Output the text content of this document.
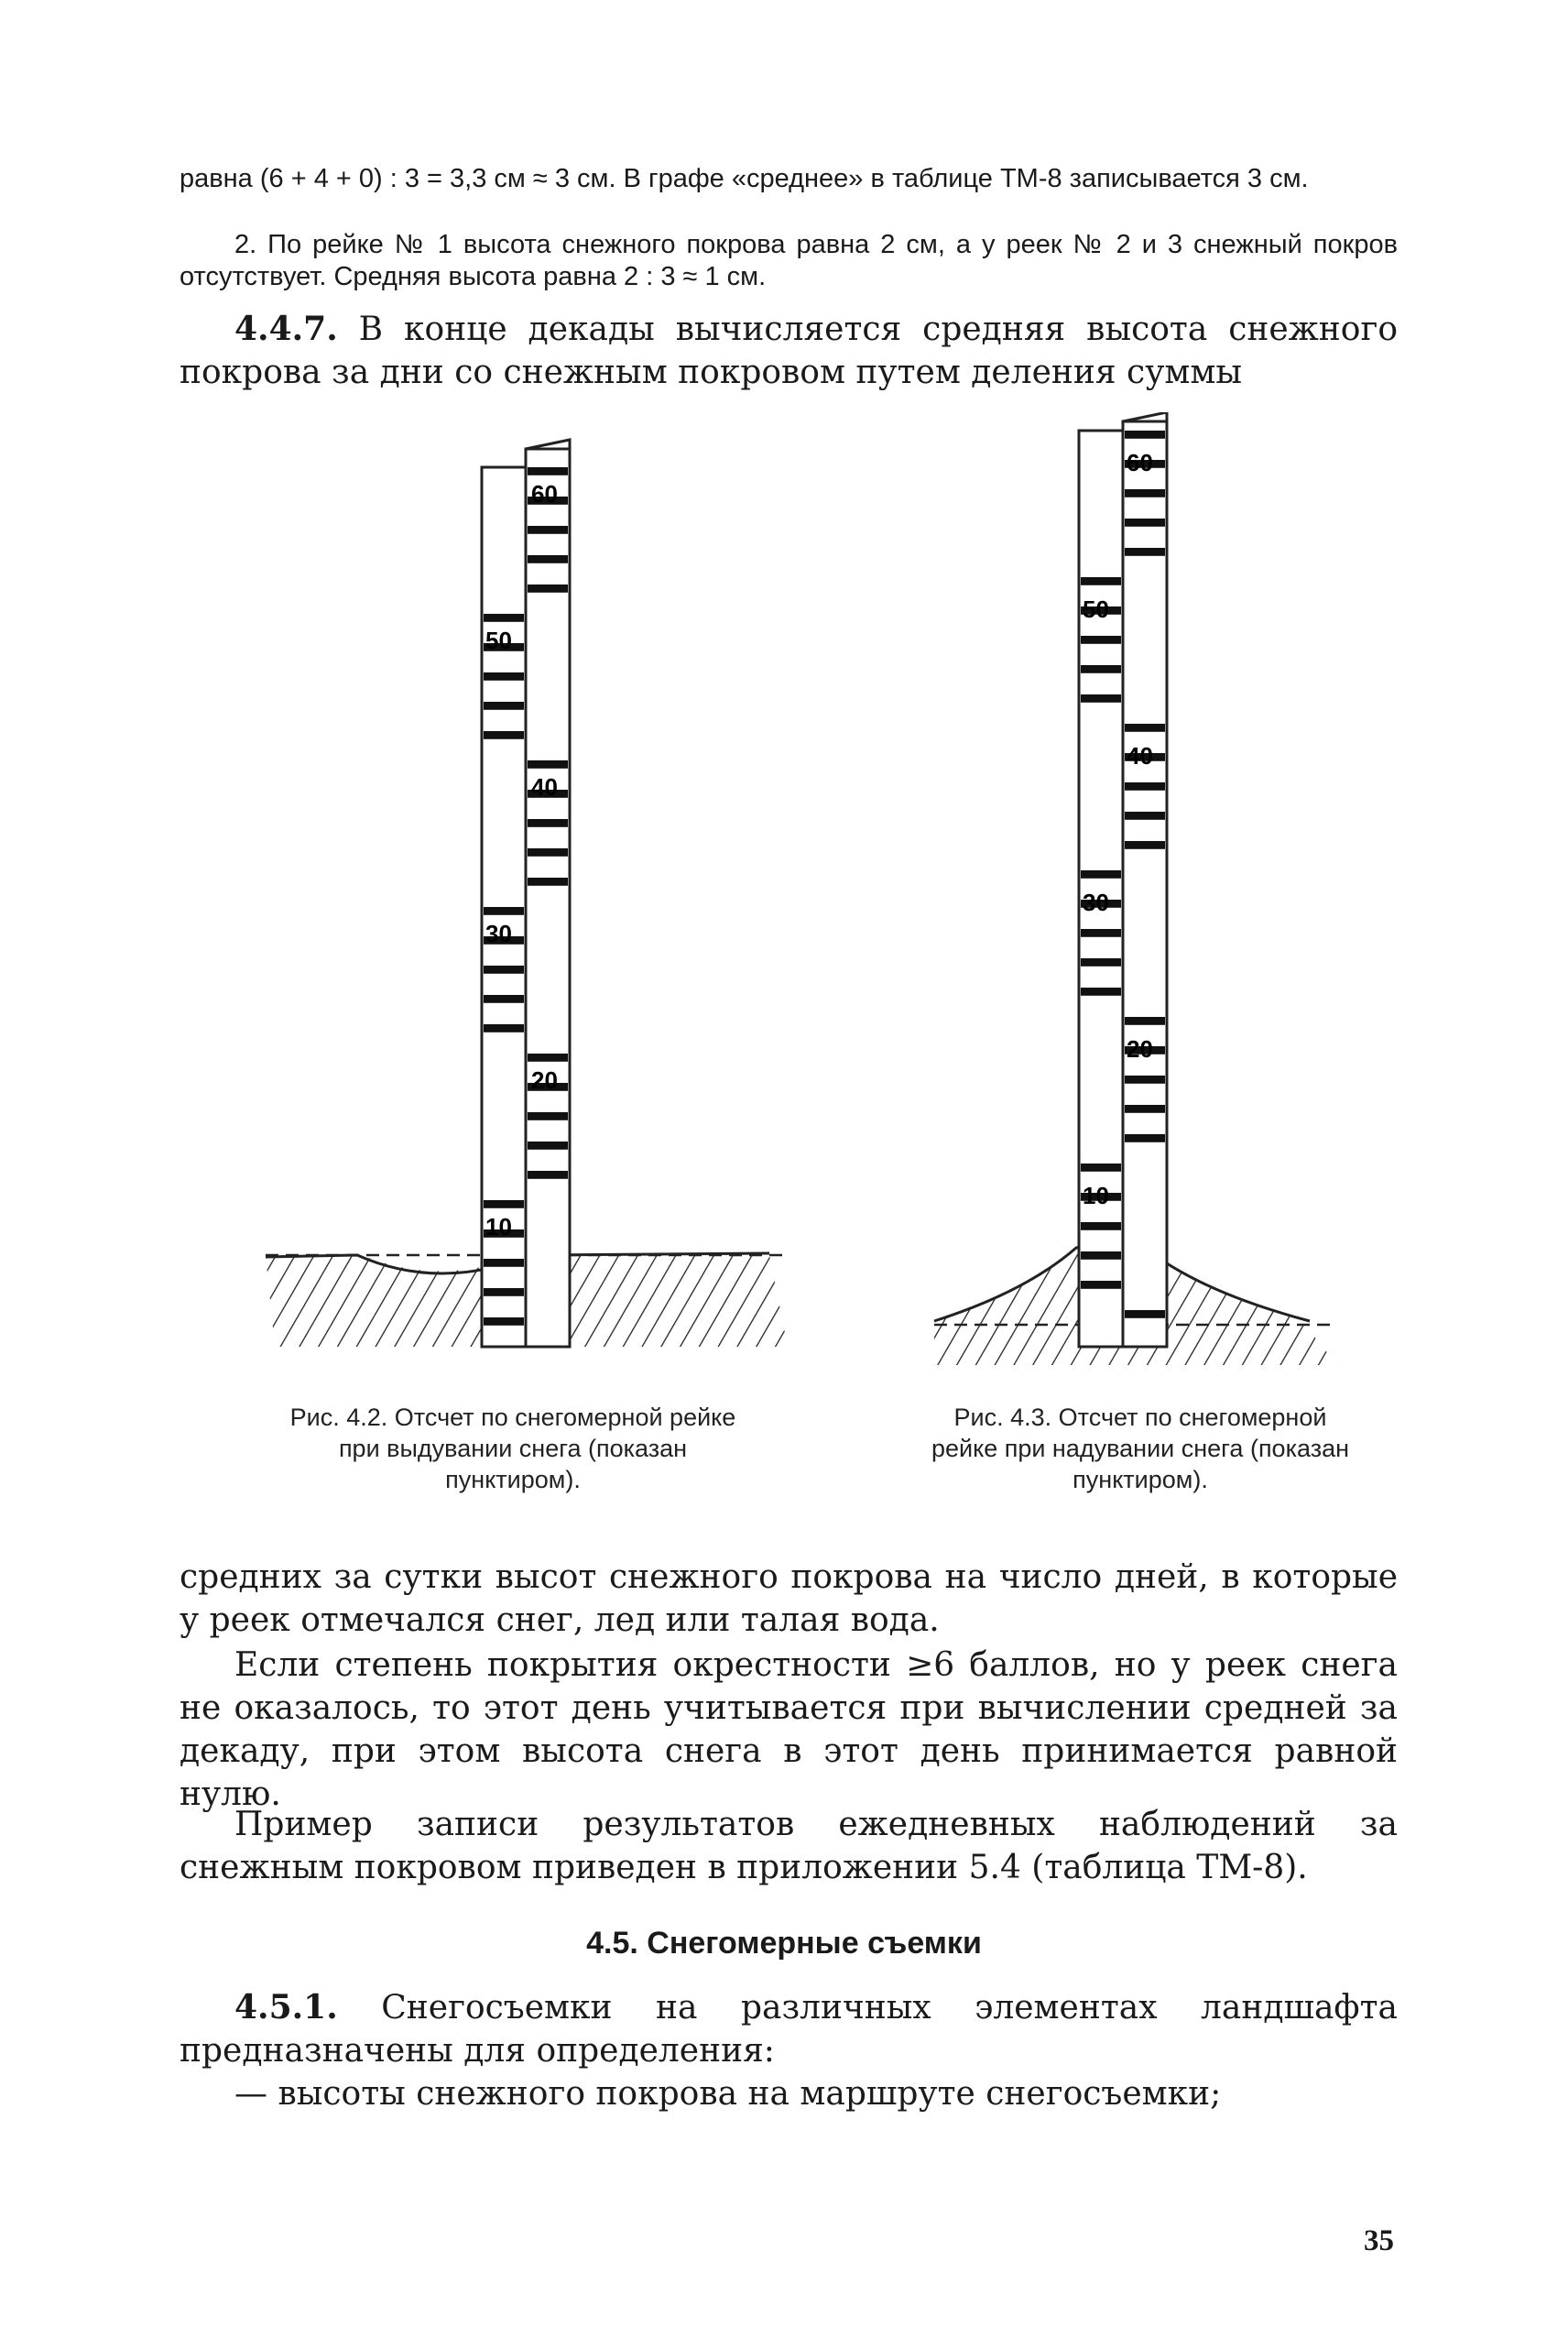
равна (6 + 4 + 0) : 3 = 3,3 см ≈ 3 см. В графе «среднее» в таблице ТМ-8 записывается 3 см.

2. По рейке № 1 высота снежного покрова равна 2 см, а у реек № 2 и 3 снежный покров отсутствует. Средняя высота равна 2 : 3 ≈ 1 см.

4.4.7. В конце декады вычисляется средняя высота снежного покрова за дни со снежным покровом путем деления суммы

60
50
40
30
20
10
60
50
40
30
20
10
Рис. 4.2. Отсчет по снегомерной рейке при выдувании снега (показан пунктиром).
Рис. 4.3. Отсчет по снегомерной рейке при надувании снега (показан пунктиром).

средних за сутки высот снежного покрова на число дней, в которые у реек отмечался снег, лед или талая вода.

Если степень покрытия окрестности ≥6 баллов, но у реек снега не оказалось, то этот день учитывается при вычислении средней за декаду, при этом высота снега в этот день принимается равной нулю.

Пример записи результатов ежедневных наблюдений за снежным покровом приведен в приложении 5.4 (таблица ТМ-8).

4.5. Снегомерные съемки

4.5.1. Снегосъемки на различных элементах ландшафта предназначены для определения:

— высоты снежного покрова на маршруте снегосъемки;

35
